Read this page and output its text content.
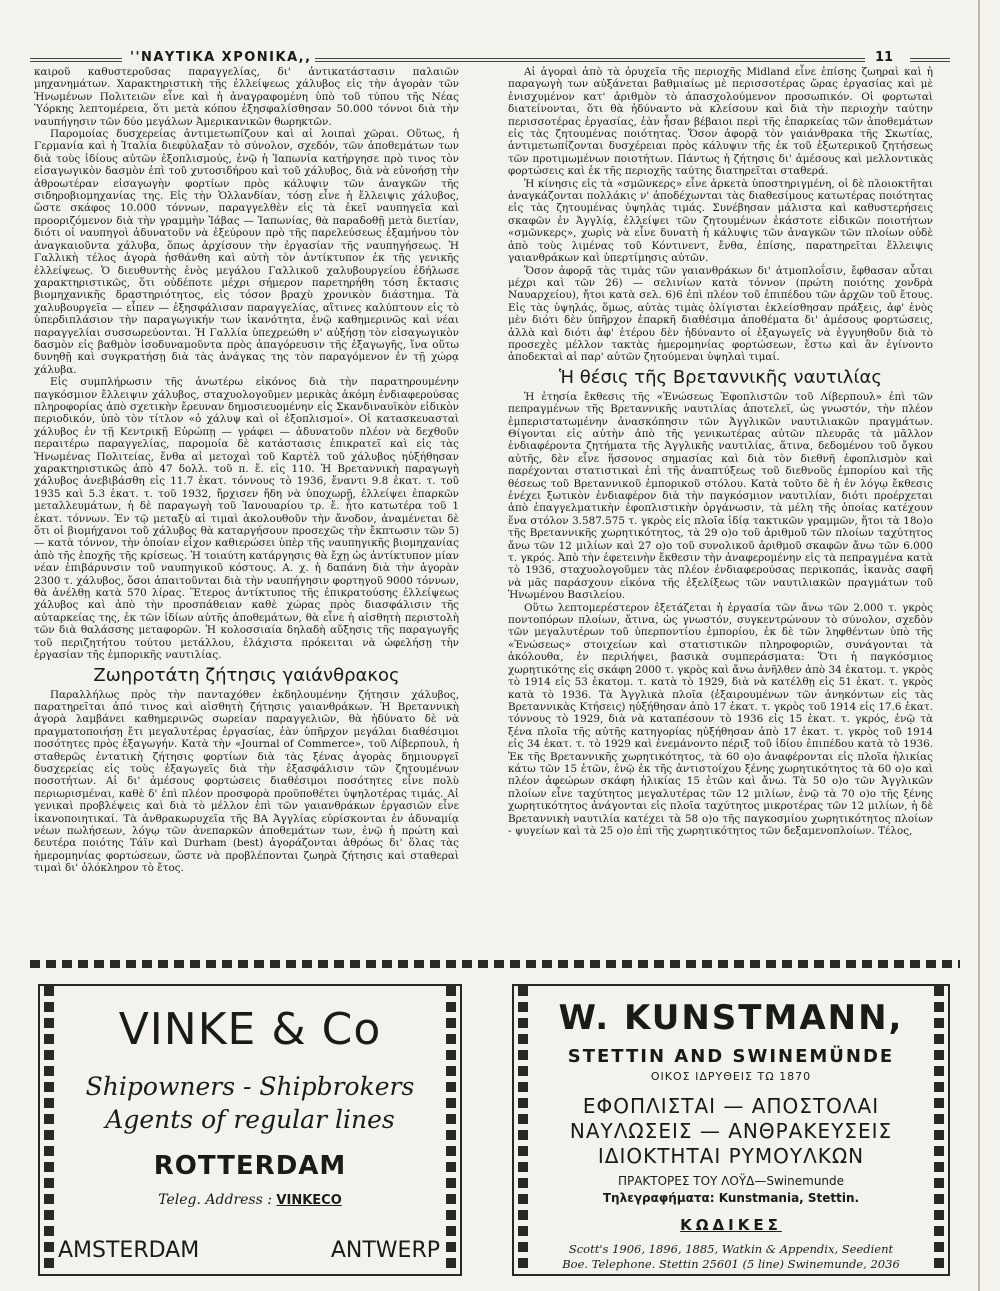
''ΝΑΥΤΙΚΑ ΧΡΟΝΙΚΑ,,	11

καιροῦ καθυστεροῦσας παραγγελίας, δι' ἀντικατάστασιν παλαιῶν μηχανημάτων. Χαρακτηριστικὴ τῆς ἐλλείψεως χάλυβος εἰς τὴν ἀγορὰν τῶν Ἡνωμένων Πολιτειῶν εἶνε καὶ ἡ ἀναγραφομένη ὑπὸ τοῦ τύπου τῆς Νέας Ὑόρκης λεπτομέρεια, ὅτι μετὰ κόπου ἐξησφαλίσθησαν 50.000 τόννοι διὰ τὴν ναυπήγησιν τῶν δύο μεγάλων Ἀμερικανικῶν θωρηκτῶν.

Παρομοίας δυσχερείας ἀντιμετωπίζουν καὶ αἱ λοιπαὶ χῶραι. Οὕτως, ἡ Γερμανία καὶ ἡ Ἰταλία διεφύλαξαν τὸ σύνολον, σχεδόν, τῶν ἀποθεμάτων των διὰ τοὺς ἰδίους αὐτῶν ἐξοπλισμούς, ἐνῷ ἡ Ἰαπωνία κατήργησε πρὸ τινος τὸν εἰσαγωγικὸν δασμὸν ἐπὶ τοῦ χυτοσιδήρου καὶ τοῦ χάλυβος, διὰ νὰ εὐνοήσῃ τὴν ἀθροωτέραν εἰσαγωγὴν φορτίων πρὸς κάλυψιν τῶν ἀναγκῶν τῆς σιδηροβιομηχανίας της. Εἰς τὴν Ὁλλανδίαν, τόσῃ εἶνε ἡ ἔλλειψις χάλυβος, ὥστε σκάφος 10.000 τόννων, παραγγελθὲν εἰς τὰ ἐκεῖ ναυπηγεῖα καὶ προοριζόμενον διὰ τὴν γραμμὴν Ἰάβας — Ἰαπωνίας, θὰ παραδοθῇ μετὰ διετίαν, διότι οἱ ναυπηγοὶ ἀδυνατοῦν νὰ ἐξεύρουν πρὸ τῆς παρελεύσεως ἑξαμήνου τὸν ἀναγκαιοῦντα χάλυβα, ὅπως ἀρχίσουν τὴν ἐργασίαν τῆς ναυπηγήσεως. Ἡ Γαλλικὴ τέλος ἀγορὰ ἠσθάνθη καὶ αὐτὴ τὸν ἀντίκτυπον ἐκ τῆς γενικῆς ἐλλείψεως. Ὁ διευθυντὴς ἑνὸς μεγάλου Γαλλικοῦ χαλυβουργείου ἐδήλωσε χαρακτηριστικῶς, ὅτι οὐδέποτε μέχρι σήμερον παρετηρήθη τόση ἔκτασις βιομηχανικῆς δραστηριότητος, εἰς τόσον βραχὺ χρονικὸν διάστημα. Τὰ χαλυβουργεῖα — εἶπεν — ἐξησφάλισαν παραγγελίας, αἵτινες καλύπτουν εἰς τὸ ὑπερδιπλάσιον τὴν παραγωγικήν των ἱκανότητα, ἐνῷ καθημερινῶς καὶ νέαι παραγγελίαι συσσωρεύονται. Ἡ Γαλλία ὑπεχρεώθη ν' αὐξήσῃ τὸν εἰσαγωγικὸν δασμὸν εἰς βαθμὸν ἰσοδυναμοῦντα πρὸς ἀπαγόρευσιν τῆς ἐξαγωγῆς, ἵνα οὕτω δυνηθῇ καὶ συγκρατήσῃ διὰ τὰς ἀνάγκας της τὸν παραγόμενον ἐν τῇ χώρᾳ χάλυβα.

Εἰς συμπλήρωσιν τῆς ἀνωτέρω εἰκόνος διὰ τὴν παρατηρουμένην παγκόσμιον ἔλλειψιν χάλυβος, σταχυολογοῦμεν μερικὰς ἀκόμη ἐνδιαφερούσας πληροφορίας ἀπὸ σχετικὴν ἔρευναν δημοσιευομένην εἰς Σκανδιναυϊκὸν εἰδικὸν περιοδικόν, ὑπὸ τὸν τίτλον «ὁ χάλυψ καὶ οἱ ἐξοπλισμοί». Οἱ κατασκευασταὶ χάλυβος ἐν τῇ Κεντρικῇ Εὐρώπῃ — γράφει — ἀδυνατοῦν πλέον νὰ δεχθοῦν περαιτέρω παραγγελίας, παρομοία δὲ κατάστασις ἐπικρατεῖ καὶ εἰς τὰς Ἡνωμένας Πολιτείας, ἔνθα αἱ μετοχαὶ τοῦ Καρτὲλ τοῦ χάλυβος ηὐξήθησαν χαρακτηριστικῶς ἀπὸ 47 δολλ. τοῦ π. ἔ. εἰς 110. Ἡ Βρεταννικὴ παραγωγὴ χάλυβος ἀνεβιβάσθη εἰς 11.7 ἑκατ. τόννους τὸ 1936, ἔναντι 9.8 ἑκατ. τ. τοῦ 1935 καὶ 5.3 ἑκατ. τ. τοῦ 1932, ἤρχισεν ἤδη νὰ ὑποχωρῇ, ἐλλείψει ἐπαρκῶν μεταλλευμάτων, ἡ δὲ παραγωγὴ τοῦ Ἰανουαρίου τρ. ἔ. ἦτο κατωτέρα τοῦ 1 ἑκατ. τόννων. Ἐν τῷ μεταξὺ αἱ τιμαὶ ἀκολουθοῦν τὴν ἄνοδον, ἀναμένεται δὲ ὅτι οἱ βιομήχανοι τοῦ χάλυβος θὰ καταργήσουν προσεχῶς τὴν ἔκπτωσιν τῶν 5) — κατὰ τόννον, τὴν ὁποίαν εἶχον καθιερώσει ὑπὲρ τῆς ναυπηγικῆς βιομηχανίας ἀπὸ τῆς ἐποχῆς τῆς κρίσεως. Ἡ τοιαύτη κατάργησις θὰ ἔχῃ ὡς ἀντίκτυπον μίαν νέαν ἐπιβάρυνσιν τοῦ ναυπηγικοῦ κόστους. Α. χ. ἡ δαπάνη διὰ τὴν ἀγορὰν 2300 τ. χάλυβος, ὅσοι ἀπαιτοῦνται διὰ τὴν ναυπήγησιν φορτηγοῦ 9000 τόννων, θὰ ἀνέλθῃ κατὰ 570 λίρας. Ἕτερος ἀντίκτυπος τῆς ἐπικρατούσης ἐλλείψεως χάλυβος καὶ ἀπὸ τὴν προσπάθειαν καθὲ χώρας πρὸς διασφάλισιν τῆς αὐταρκείας της, ἐκ τῶν ἰδίων αὐτῆς ἀποθεμάτων, θὰ εἶνε ἡ αἰσθητὴ περιστολὴ τῶν διὰ θαλάσσης μεταφορῶν. Ἡ κολοσσιαία δηλαδὴ αὔξησις τῆς παραγωγῆς τοῦ περιζητήτου τούτου μετάλλου, ἐλάχιστα πρόκειται νὰ ὠφελήσῃ τὴν ἐργασίαν τῆς ἐμπορικῆς ναυτιλίας.

Ζωηροτάτη ζήτησις γαιάνθρακος

Παραλλήλως πρὸς τὴν πανταχόθεν ἐκδηλουμένην ζήτησιν χάλυβος, παρατηρεῖται ἀπό τινος καὶ αἰσθητὴ ζήτησις γαιανθράκων. Ἡ Βρεταννικὴ ἀγορὰ λαμβάνει καθημερινῶς σωρείαν παραγγελιῶν, θὰ ἠδύνατο δὲ νὰ πραγματοποιήσῃ ἔτι μεγαλυτέρας ἐργασίας, ἐὰν ὑπῆρχον μεγάλαι διαθέσιμοι ποσότητες πρὸς ἐξαγωγήν. Κατὰ τὴν «Journal of Commerce», τοῦ Λίβερπουλ, ἡ σταθερῶς ἐντατικὴ ζήτησις φορτίων διὰ τὰς ξένας ἀγορὰς δημιουργεῖ δυσχερείας εἰς τοὺς ἐξαγωγεῖς διὰ τὴν ἐξασφάλισιν τῶν ζητουμένων ποσοτήτων. Αἱ δι' ἀμέσους φορτώσεις διαθέσιμοι ποσότητες εἶνε πολὺ περιωρισμέναι, καθὲ δ' ἐπὶ πλέον προσφορὰ προϋποθέτει ὑψηλοτέρας τιμάς. Αἱ γενικαὶ προβλέψεις καὶ διὰ τὸ μέλλον ἐπὶ τῶν γαιανθράκων ἐργασιῶν εἶνε ἱκανοποιητικαί. Τὰ ἀνθρακωρυχεῖα τῆς ΒΑ Ἀγγλίας εὑρίσκονται ἐν ἀδυναμίᾳ νέων πωλήσεων, λόγῳ τῶν ἀνεπαρκῶν ἀποθεμάτων των, ἐνῷ ἡ πρώτη καὶ δευτέρα ποιότης Τάϊν καὶ Durham (best) ἀγοράζονται ἀθρόως δι' ὅλας τὰς ἡμερομηνίας φορτώσεων, ὥστε νὰ προβλέπονται ζωηρὰ ζήτησις καὶ σταθεραὶ τιμαὶ δι' ὁλόκληρον τὸ ἔτος.

Αἱ ἀγοραὶ ἀπὸ τὰ ὀρυχεῖα τῆς περιοχῆς Midland εἶνε ἐπίσης ζωηραὶ καὶ ἡ παραγωγὴ των αὐξάνεται βαθμιαίως μὲ περισσοτέρας ὥρας ἐργασίας καὶ μὲ ἐνισχυμένον κατ' ἀριθμὸν τὸ ἀπασχολούμενον προσωπικόν. Οἱ φορτωταὶ διατείνονται, ὅτι θὰ ἠδύναντο νὰ κλείσουν καὶ διὰ τὴν περιοχὴν ταύτην περισσοτέρας ἐργασίας, ἐὰν ἦσαν βέβαιοι περὶ τῆς ἐπαρκείας τῶν ἀποθεμάτων εἰς τὰς ζητουμένας ποιότητας. Ὅσον ἀφορᾷ τὸν γαιάνθρακα τῆς Σκωτίας, ἀντιμετωπίζονται δυσχέρειαι πρὸς κάλυψιν τῆς ἐκ τοῦ ἐξωτερικοῦ ζητήσεως τῶν προτιμωμένων ποιοτήτων. Πάντως ἡ ζήτησις δι' ἀμέσους καὶ μελλοντικὰς φορτώσεις καὶ ἐκ τῆς περιοχῆς ταύτης διατηρεῖται σταθερά.

Ἡ κίνησις εἰς τὰ «σμῶνκερς» εἶνε ἀρκετὰ ὑποστηριγμένη, οἱ δὲ πλοιοκτῆται ἀναγκάζονται πολλάκις ν' ἀποδέχωνται τὰς διαθεσίμους κατωτέρας ποιότητας εἰς τὰς ζητουμένας ὑψηλὰς τιμάς. Συνέβησαν μάλιστα καὶ καθυστερήσεις σκαφῶν ἐν Ἀγγλίᾳ, ἐλλείψει τῶν ζητουμένων ἑκάστοτε εἰδικῶν ποιοτήτων «σμῶνκερς», χωρὶς νὰ εἶνε δυνατὴ ἡ κάλυψις τῶν ἀναγκῶν τῶν πλοίων οὐδὲ ἀπὸ τοὺς λιμένας τοῦ Κόντινεντ, ἔνθα, ἐπίσης, παρατηρεῖται ἔλλειψις γαιανθράκων καὶ ὑπερτίμησις αὐτῶν.

Ὅσον ἀφορᾷ τὰς τιμὰς τῶν γαιανθράκων δι' ἀτμοπλοΐσιν, ἔφθασαν αὗται μέχρι καὶ τῶν 26) — σελινίων κατὰ τόννον (πρώτη ποιότης χονδρὰ Ναυαρχείου), ἤτοι κατὰ σελ. 6)6 ἐπὶ πλέον τοῦ ἐπιπέδου τῶν ἀρχῶν τοῦ ἔτους. Εἰς τὰς ὑψηλάς, ὅμως, αὐτὰς τιμὰς ὀλίγισται ἐκλείσθησαν πράξεις, ἀφ' ἑνὸς μὲν διότι δὲν ὑπῆρχον ἐπαρκῆ διαθέσιμα ἀποθέματα δι' ἀμέσους φορτώσεις, ἀλλὰ καὶ διότι ἀφ' ἑτέρου δὲν ἠδύναντο οἱ ἐξαγωγεῖς νὰ ἐγγυηθοῦν διὰ τὸ προσεχὲς μέλλον τακτὰς ἡμερομηνίας φορτώσεων, ἔστω καὶ ἂν ἐγίνοντο ἀποδεκταὶ αἱ παρ' αὐτῶν ζητούμεναι ὑψηλαὶ τιμαί.

Ἡ θέσις τῆς Βρεταννικῆς ναυτιλίας

Ἡ ἐτησία ἔκθεσις τῆς «Ἑνώσεως Ἐφοπλιστῶν τοῦ Λίβερπουλ» ἐπὶ τῶν πεπραγμένων τῆς Βρεταννικῆς ναυτιλίας ἀποτελεῖ, ὡς γνωστόν, τὴν πλέον ἐμπεριστατωμένην ἀνασκόπησιν τῶν Ἀγγλικῶν ναυτιλιακῶν πραγμάτων. Θίγονται εἰς αὐτὴν ἀπὸ τῆς γενικωτέρας αὐτῶν πλευρᾶς τὰ μᾶλλον ἐνδιαφέροντα ζητήματα τῆς Ἀγγλικῆς ναυτιλίας, ἅτινα, δεδομένου τοῦ ὄγκου αὐτῆς, δὲν εἶνε ἥσσονος σημασίας καὶ διὰ τὸν διεθνῆ ἐφοπλισμὸν καὶ παρέχονται στατιστικαὶ ἐπὶ τῆς ἀναπτύξεως τοῦ διεθνοῦς ἐμπορίου καὶ τῆς θέσεως τοῦ Βρεταννικοῦ ἐμπορικοῦ στόλου. Κατὰ τοῦτο δὲ ἡ ἐν λόγῳ ἔκθεσις ἐνέχει ξωτικὸν ἐνδιαφέρον διὰ τὴν παγκόσμιον ναυτιλίαν, διότι προέρχεται ἀπὸ ἐπαγγελματικὴν ἐφοπλιστικὴν ὀργάνωσιν, τὰ μέλη τῆς ὁποίας κατέχουν ἕνα στόλον 3.587.575 τ. γκρὸς εἰς πλοῖα ἰδίᾳ τακτικῶν γραμμῶν, ἤτοι τὰ 18ο)ο τῆς Βρεταννικῆς χωρητικότητος, τὰ 29 ο)ο τοῦ ἀριθμοῦ τῶν πλοίων ταχύτητος ἄνω τῶν 12 μιλίων καὶ 27 ο)ο τοῦ συνολικοῦ ἀριθμοῦ σκαφῶν ἄνω τῶν 6.000 τ. γκρός. Ἀπὸ τὴν ἐφετεινὴν ἔκθεσιν τὴν ἀναφερομένην εἰς τὰ πεπραγμένα κατὰ τὸ 1936, σταχυολογοῦμεν τὰς πλέον ἐνδιαφερούσας περικοπάς, ἱκανὰς σαφῆ νὰ μᾶς παράσχουν εἰκόνα τῆς ἐξελίξεως τῶν ναυτιλιακῶν πραγμάτων τοῦ Ἡνωμένου Βασιλείου.

Οὕτω λεπτομερέστερον ἐξετάζεται ἡ ἐργασία τῶν ἄνω τῶν 2.000 τ. γκρὸς ποντοπόρων πλοίων, ἅτινα, ὡς γνωστόν, συγκεντρώνουν τὸ σύνολον, σχεδὸν τῶν μεγαλυτέρων τοῦ ὑπερποντίου ἐμπορίου, ἐκ δὲ τῶν ληφθέντων ὑπὸ τῆς «Ἑνώσεως» στοιχείων καὶ στατιστικῶν πληροφοριῶν, συνάγονται τὰ ἀκόλουθα, ἐν περιλήψει, βασικὰ συμπεράσματα: Ὅτι ἡ παγκόσμιος χωρητικότης εἰς σκάφη 2000 τ. γκρὸς καὶ ἄνω ἀνῆλθεν ἀπὸ 34 ἑκατομ. τ. γκρὸς τὸ 1914 εἰς 53 ἑκατομ. τ. κατὰ τὸ 1929, διὰ νὰ κατέλθῃ εἰς 51 ἑκατ. τ. γκρὸς κατὰ τὸ 1936. Τὰ Ἀγγλικὰ πλοῖα (ἐξαιρουμένων τῶν ἀνηκόντων εἰς τὰς Βρεταννικὰς Κτήσεις) ηὐξήθησαν ἀπὸ 17 ἑκατ. τ. γκρὸς τοῦ 1914 εἰς 17.6 ἑκατ. τόννους τὸ 1929, διὰ νὰ καταπέσουν τὸ 1936 εἰς 15 ἑκατ. τ. γκρός, ἐνῷ τὰ ξένα πλοῖα τῆς αὐτῆς κατηγορίας ηὐξήθησαν ἀπὸ 17 ἑκατ. τ. γκρὸς τοῦ 1914 εἰς 34 ἑκατ. τ. τὸ 1929 καὶ ἐνεμάνοντο πέριξ τοῦ ἰδίου ἐπιπέδου κατὰ τὸ 1936. Ἐκ τῆς Βρεταννικῆς χωρητικότητος, τὰ 60 ο)ο ἀναφέρονται εἰς πλοῖα ἡλικίας κάτω τῶν 15 ἐτῶν, ἐνῷ ἐκ τῆς ἀντιστοίχου ξένης χωρητικότητος τὰ 60 ο)ο καὶ πλέον ἀφεώρων σκάφη ἡλικίας 15 ἐτῶν καὶ ἄνω. Τὰ 50 ο)ο τῶν Ἀγγλικῶν πλοίων εἶνε ταχύτητος μεγαλυτέρας τῶν 12 μιλίων, ἐνῷ τὰ 70 ο)ο τῆς ξένης χωρητικότητος ἀνάγονται εἰς πλοῖα ταχύτητος μικροτέρας τῶν 12 μιλίων, ἡ δὲ Βρεταννικὴ ναυτιλία κατέχει τὰ 58 ο)ο τῆς παγκοσμίου χωρητικότητος πλοίων - ψυγείων καὶ τὰ 25 ο)ο ἐπὶ τῆς χωρητικότητος τῶν δεξαμενοπλοίων. Τέλος,

VINKE & Co
Shipowners - Shipbrokers
Agents of regular lines
ROTTERDAM
Teleg. Address : VINKECO
AMSTERDAM	ANTWERP
W. KUNSTMANN,
STETTIN AND SWINEMÜNDE
ΟΙΚΟΣ ΙΔΡΥΘΕΙΣ ΤΩ 1870
ΕΦΟΠΛΙΣΤΑΙ — ΑΠΟΣΤΟΛΑΙ
ΝΑΥΛΩΣΕΙΣ — ΑΝΘΡΑΚΕΥΣΕΙΣ
ΙΔΙΟΚΤΗΤΑΙ ΡΥΜΟΥΛΚΩΝ
ΠΡΑΚΤΟΡΕΣ ΤΟΥ ΛΟΫΔ—Swinemunde
Τηλεγραφήματα: Kunstmania, Stettin.
ΚΩΔΙΚΕΣ
Scott's 1906, 1896, 1885, Watkin & Appendix, Seedient
Boe. Telephone. Stettin 25601 (5 line) Swinemunde, 2036
